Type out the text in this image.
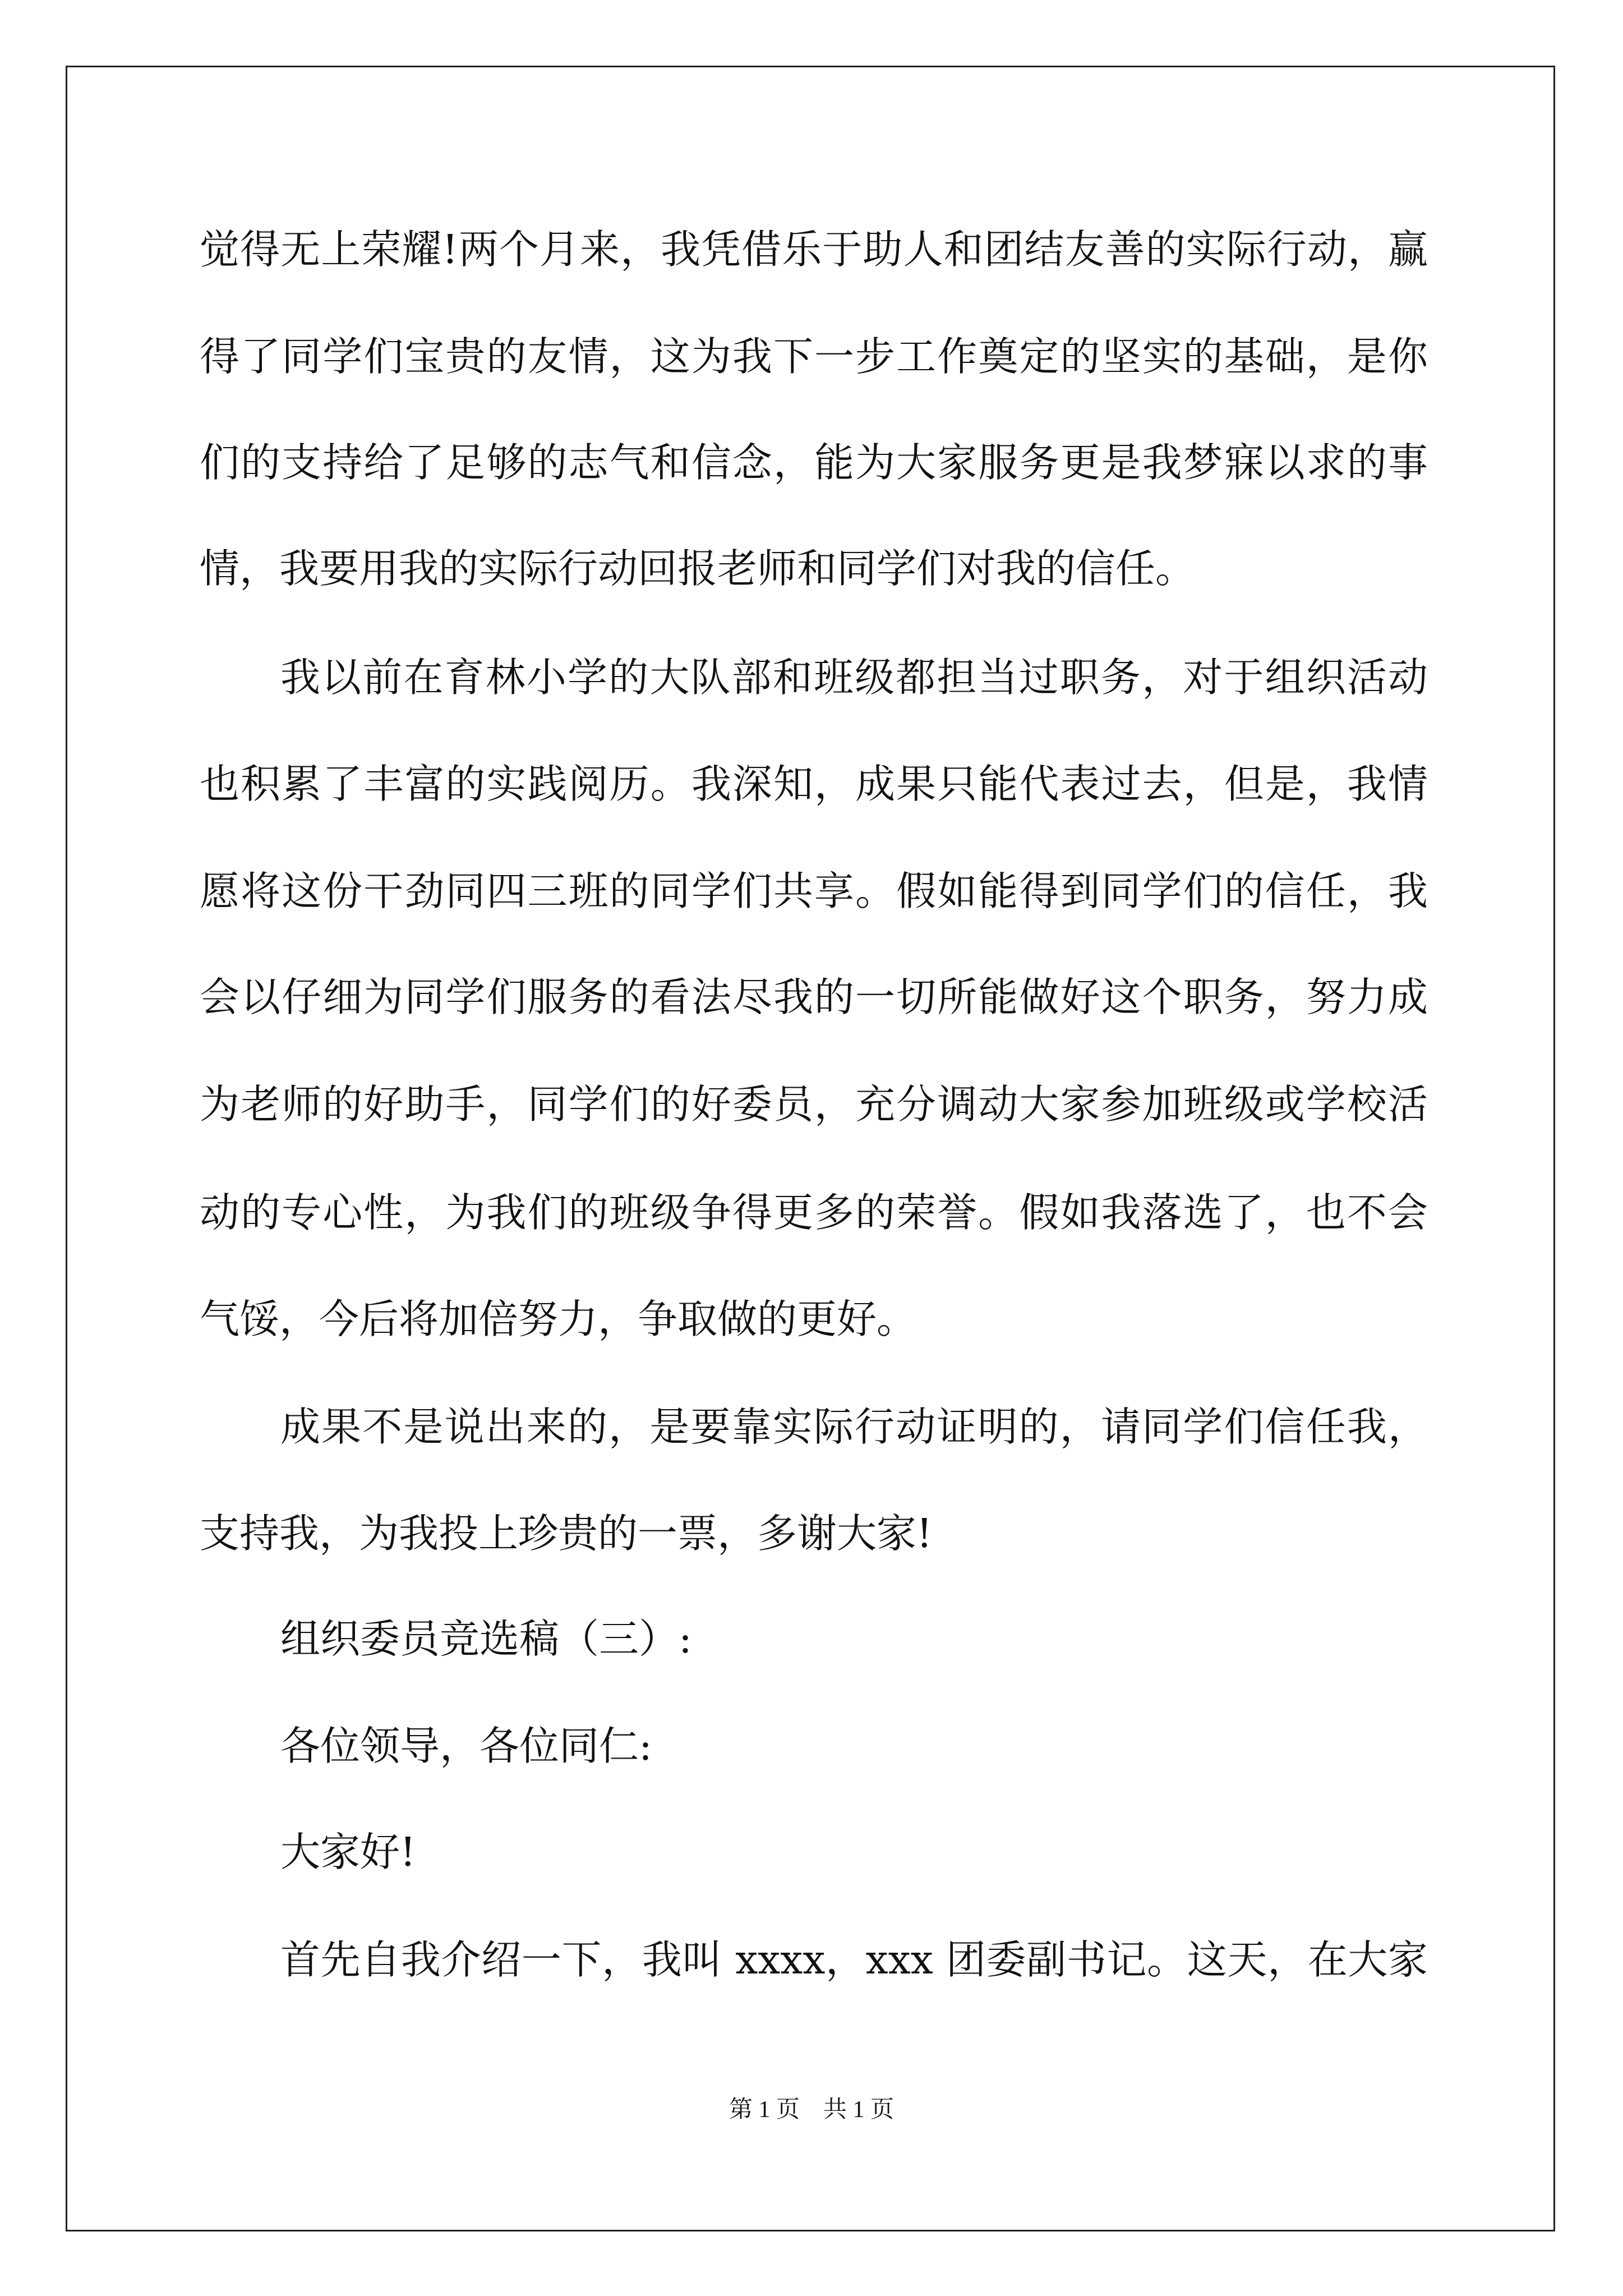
觉得无上荣耀!两个月来，我凭借乐于助人和团结友善的实际行动，赢
得了同学们宝贵的友情，这为我下一步工作奠定的坚实的基础，是你
们的支持给了足够的志气和信念，能为大家服务更是我梦寐以求的事
情，我要用我的实际行动回报老师和同学们对我的信任。
我以前在育林小学的大队部和班级都担当过职务，对于组织活动
也积累了丰富的实践阅历。我深知，成果只能代表过去，但是，我情
愿将这份干劲同四三班的同学们共享。假如能得到同学们的信任，我
会以仔细为同学们服务的看法尽我的一切所能做好这个职务，努力成
为老师的好助手，同学们的好委员，充分调动大家参加班级或学校活
动的专心性，为我们的班级争得更多的荣誉。假如我落选了，也不会
气馁，今后将加倍努力，争取做的更好。
成果不是说出来的，是要靠实际行动证明的，请同学们信任我，
支持我，为我投上珍贵的一票，多谢大家!
组织委员竞选稿（三）:
各位领导，各位同仁:
大家好!
首先自我介绍一下，我叫 xxxx，xxx 团委副书记。这天，在大家
第 1 页　共 1 页
